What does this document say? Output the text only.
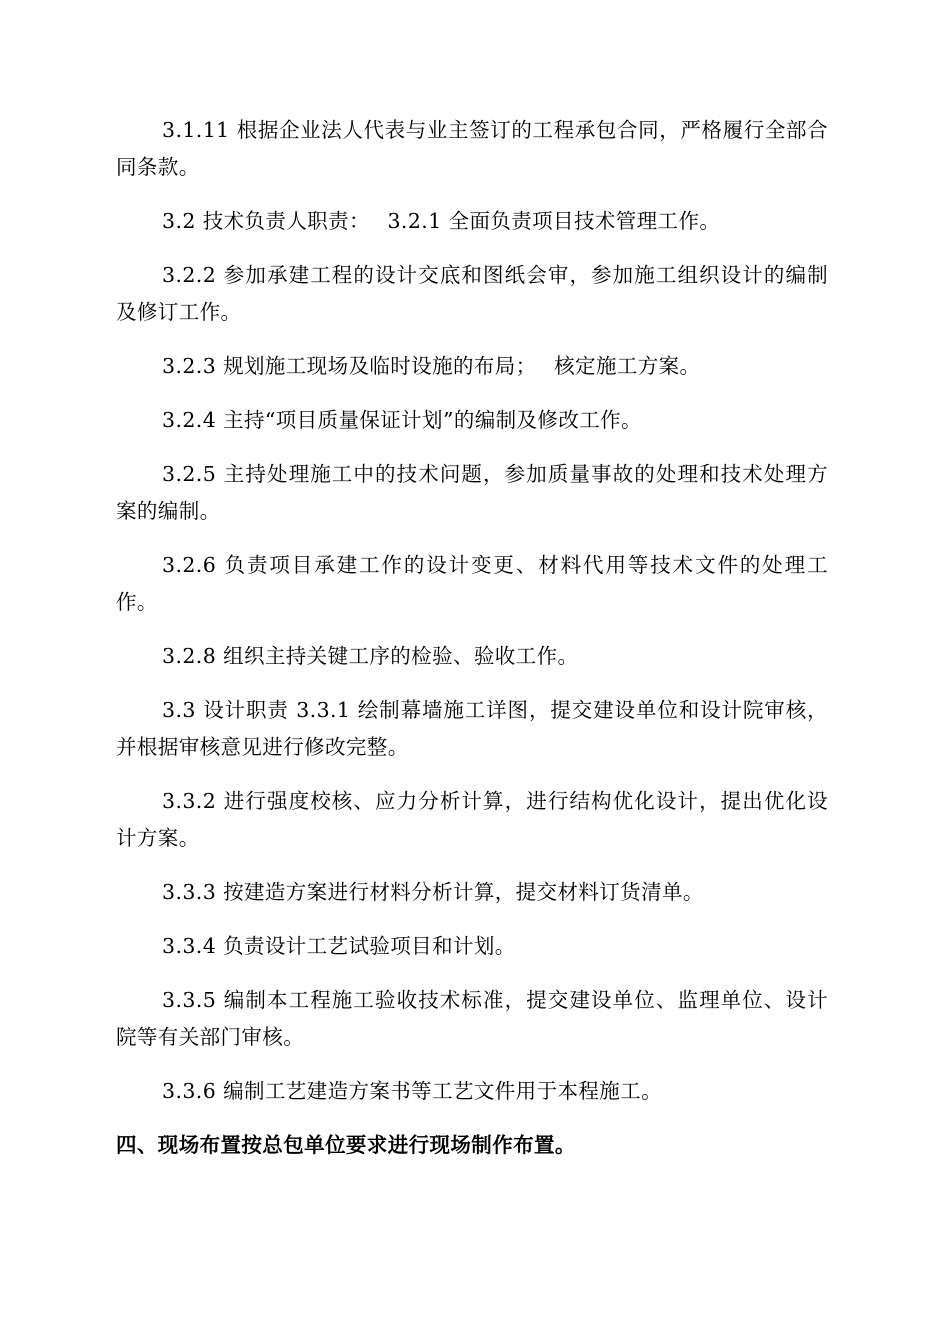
3.1.11 根据企业法人代表与业主签订的工程承包合同，严格履行全部合同条款。

3.2 技术负责人职责：　 3.2.1 全面负责项目技术管理工作。

3.2.2 参加承建工程的设计交底和图纸会审，参加施工组织设计的编制及修订工作。

3.2.3 规划施工现场及临时设施的布局；　 核定施工方案。

3.2.4 主持“项目质量保证计划”的编制及修改工作。

3.2.5 主持处理施工中的技术问题，参加质量事故的处理和技术处理方案的编制。

3.2.6 负责项目承建工作的设计变更、材料代用等技术文件的处理工作。

3.2.8 组织主持关键工序的检验、验收工作。

3.3 设计职责 3.3.1 绘制幕墙施工详图，提交建设单位和设计院审核，并根据审核意见进行修改完整。

3.3.2 进行强度校核、应力分析计算，进行结构优化设计，提出优化设计方案。

3.3.3 按建造方案进行材料分析计算，提交材料订货清单。

3.3.4 负责设计工艺试验项目和计划。

3.3.5 编制本工程施工验收技术标准，提交建设单位、监理单位、设计院等有关部门审核。

3.3.6 编制工艺建造方案书等工艺文件用于本程施工。

四、现场布置按总包单位要求进行现场制作布置。
